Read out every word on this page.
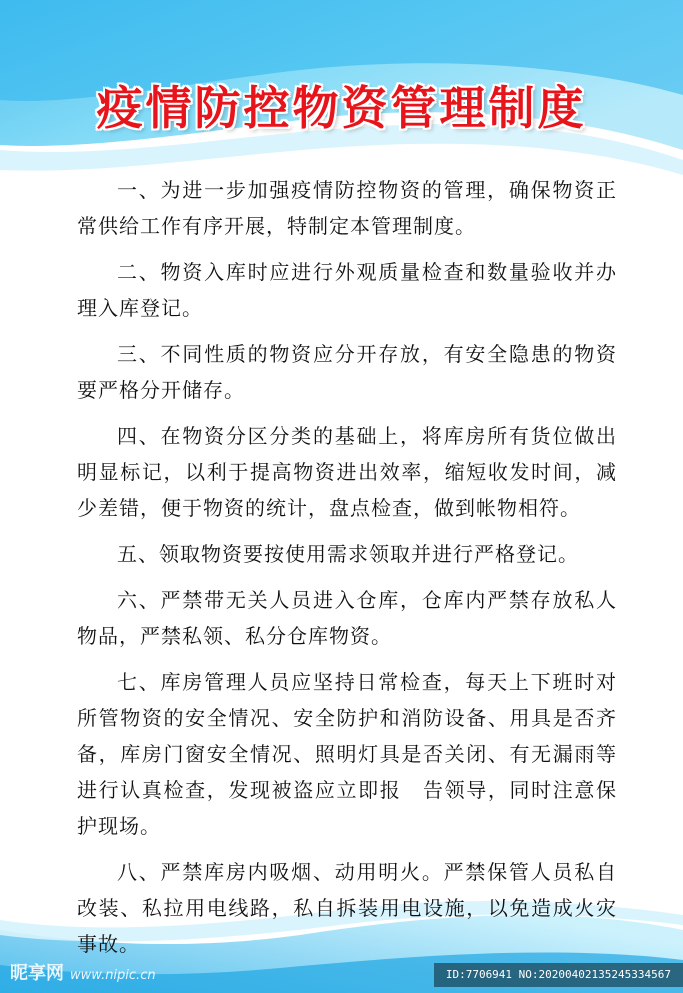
疫情防控物资管理制度

一、为进一步加强疫情防控物资的管理，确保物资正常供给工作有序开展，特制定本管理制度。

二、物资入库时应进行外观质量检查和数量验收并办理入库登记。

三、不同性质的物资应分开存放，有安全隐患的物资要严格分开储存。

四、在物资分区分类的基础上，将库房所有货位做出明显标记，以利于提高物资进出效率，缩短收发时间，减少差错，便于物资的统计，盘点检查，做到帐物相符。

五、领取物资要按使用需求领取并进行严格登记。

六、严禁带无关人员进入仓库，仓库内严禁存放私人物品，严禁私领、私分仓库物资。

七、库房管理人员应坚持日常检查，每天上下班时对所管物资的安全情况、安全防护和消防设备、用具是否齐备，库房门窗安全情况、照明灯具是否关闭、有无漏雨等进行认真检查，发现被盗应立即报　告领导，同时注意保护现场。

八、严禁库房内吸烟、动用明火。严禁保管人员私自改装、私拉用电线路，私自拆装用电设施，以免造成火灾事故。

昵享网 www.nipic.cn	ID:7706941 NO:20200402135245334567
